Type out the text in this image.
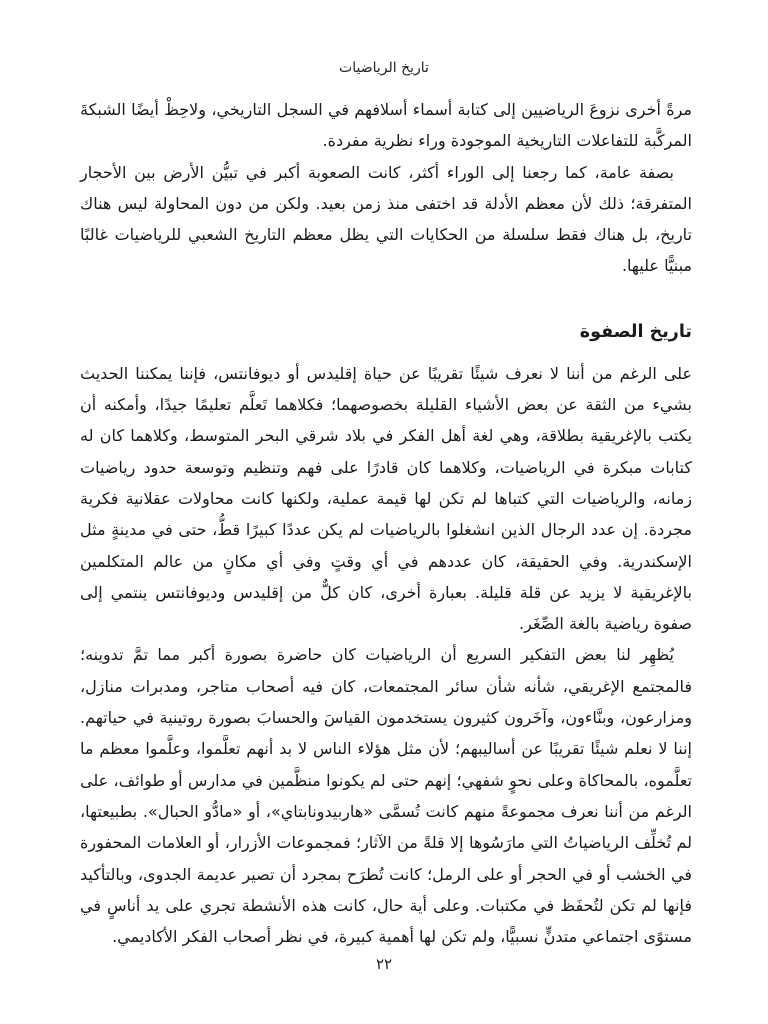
تاريخ الرياضيات

مرةً أخرى نزوعَ الرياضيين إلى كتابة أسماء أسلافهم في السجل التاريخي، ولاحِظْ أيضًا الشبكةَ المركَّبة للتفاعلات التاريخية الموجودة وراء نظرية مفردة.

بصفة عامة، كما رجعنا إلى الوراء أكثر، كانت الصعوبة أكبر في تبيُّن الأرض بين الأحجار المتفرقة؛ ذلك لأن معظم الأدلة قد اختفى منذ زمن بعيد. ولكن من دون المحاولة ليس هناك تاريخ، بل هناك فقط سلسلة من الحكايات التي يظل معظم التاريخ الشعبي للرياضيات غالبًا مبنيًّا عليها.

تاريخ الصفوة

على الرغم من أننا لا نعرف شيئًا تقريبًا عن حياة إقليدس أو ديوفانتس، فإننا يمكننا الحديث بشيء من الثقة عن بعض الأشياء القليلة بخصوصهما؛ فكلاهما تَعلَّم تعليمًا جيدًا، وأمكنه أن يكتب بالإغريقية بطلاقة، وهي لغة أهل الفكر في بلاد شرقي البحر المتوسط، وكلاهما كان له كتابات مبكرة في الرياضيات، وكلاهما كان قادرًا على فهم وتنظيم وتوسعة حدود رياضيات زمانه، والرياضيات التي كتباها لم تكن لها قيمة عملية، ولكنها كانت محاولات عقلانية فكرية مجردة. إن عدد الرجال الذين انشغلوا بالرياضيات لم يكن عددًا كبيرًا قطُّ، حتى في مدينةٍ مثل الإسكندرية. وفي الحقيقة، كان عددهم في أي وقتٍ وفي أي مكانٍ من عالم المتكلمين بالإغريقية لا يزيد عن قلة قليلة. بعبارة أخرى، كان كلٌّ من إقليدس وديوفانتس ينتمي إلى صفوة رياضية بالغة الصِّغَر.

يُظهِر لنا بعض التفكير السريع أن الرياضيات كان حاضرة بصورة أكبر مما تمَّ تدوينه؛ فالمجتمع الإغريقي، شأنه شأن سائر المجتمعات، كان فيه أصحاب متاجر، ومدبرات منازل، ومزارعون، وبنَّاءون، وآخَرون كثيرون يستخدمون القياسَ والحسابَ بصورة روتينية في حياتهم. إننا لا نعلم شيئًا تقريبًا عن أساليبهم؛ لأن مثل هؤلاء الناس لا بد أنهم تعلَّموا، وعلَّموا معظم ما تعلَّموه، بالمحاكاة وعلى نحوٍ شفهي؛ إنهم حتى لم يكونوا منظَّمين في مدارس أو طوائف، على الرغم من أننا نعرف مجموعةً منهم كانت تُسمَّى «هاربيدونابتاي»، أو «مادُّو الحبال». بطبيعتها، لم تُخلِّف الرياضياتُ التي مارَسُوها إلا قلةً من الآثار؛ فمجموعات الأزرار، أو العلامات المحفورة في الخشب أو في الحجر أو على الرمل؛ كانت تُطرَح بمجرد أن تصير عديمة الجدوى، وبالتأكيد فإنها لم تكن لتُحفَظ في مكتبات. وعلى أية حال، كانت هذه الأنشطة تجري على يد أناسٍ في مستوًى اجتماعي متدنٍّ نسبيًّا، ولم تكن لها أهمية كبيرة، في نظر أصحاب الفكر الأكاديمي.

٢٢
